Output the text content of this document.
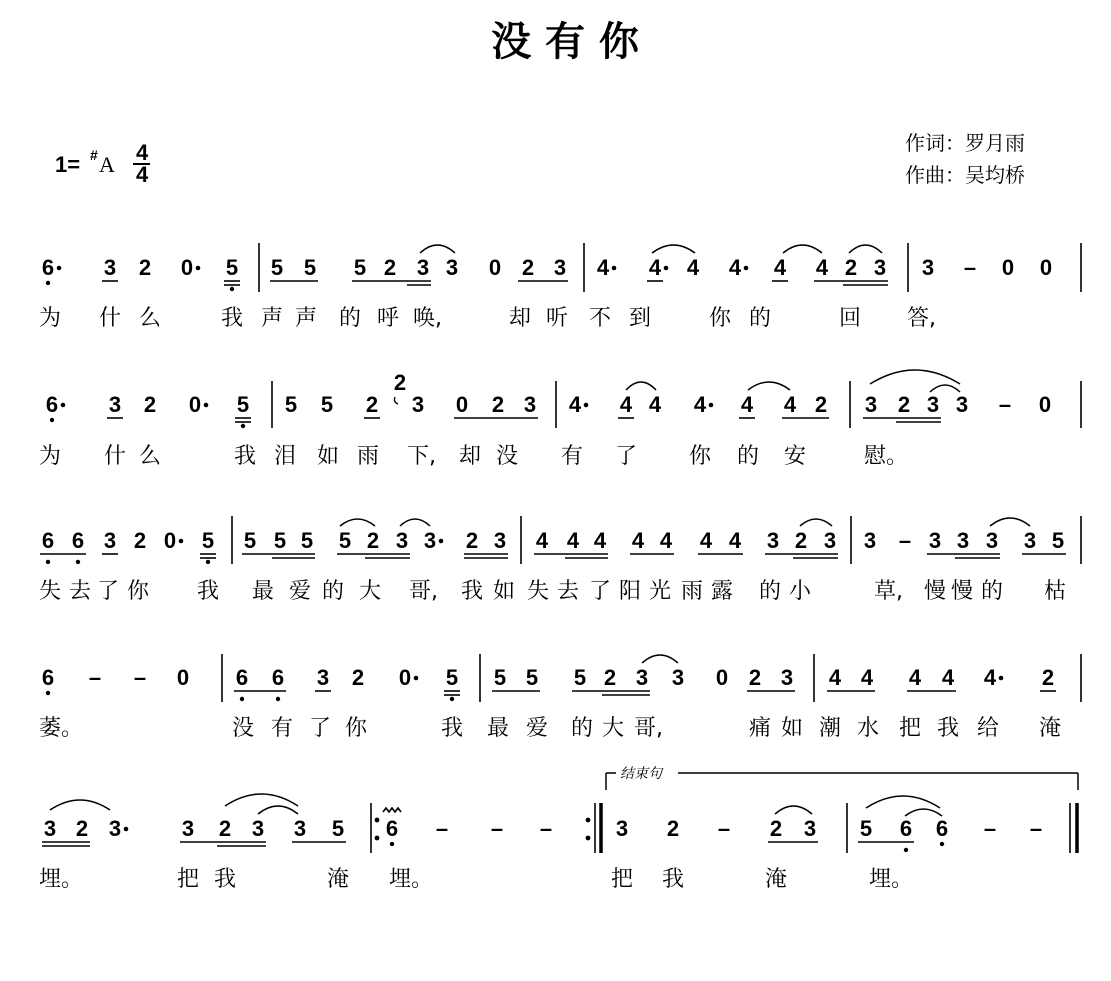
没 有 你
作词：罗月雨
作曲：吴均桥
1= # A 4
4
6 3 2 0 5 5 5 5 2 3 3 0 2 3 4 4 4 4 4 4 2 3 3 – 0 0
为 什 么	我 声 声 的 呼 唤,	却 听 不 到	你 的	回 答,
6 3 2 0 5 5 5 2
2
3 0 2 3 4 4 4 4 4 4 2 3 2 3 3 – 0
为 什 么	我 泪 如 雨 下, 却 没 有 了 你 的 安	慰。
6 6 3 2 0 5 5 5 5 5 2 3 3 2 3 4 4 4 4 4 4 4 3 2 3 3 – 3 3 3 3 5
失 去 了 你 我 最 爱 的 大 哥, 我 如 失 去 了 阳 光 雨 露 的 小	草, 慢 慢 的 枯
6 – – 0 6 6 3 2 0 5 5 5 5 2 3 3 0 2 3 4 4 4 4 4 2
萎。	没 有 了 你	我 最 爱 的 大 哥,	痛 如 潮 水 把 我 给 淹
3 2 3	3 2 3 3 5 6 – – –	3 2 – 2 3 5 6 6 – –
埋。	把 我	淹 埋。	把 我	淹	埋。
结束句
